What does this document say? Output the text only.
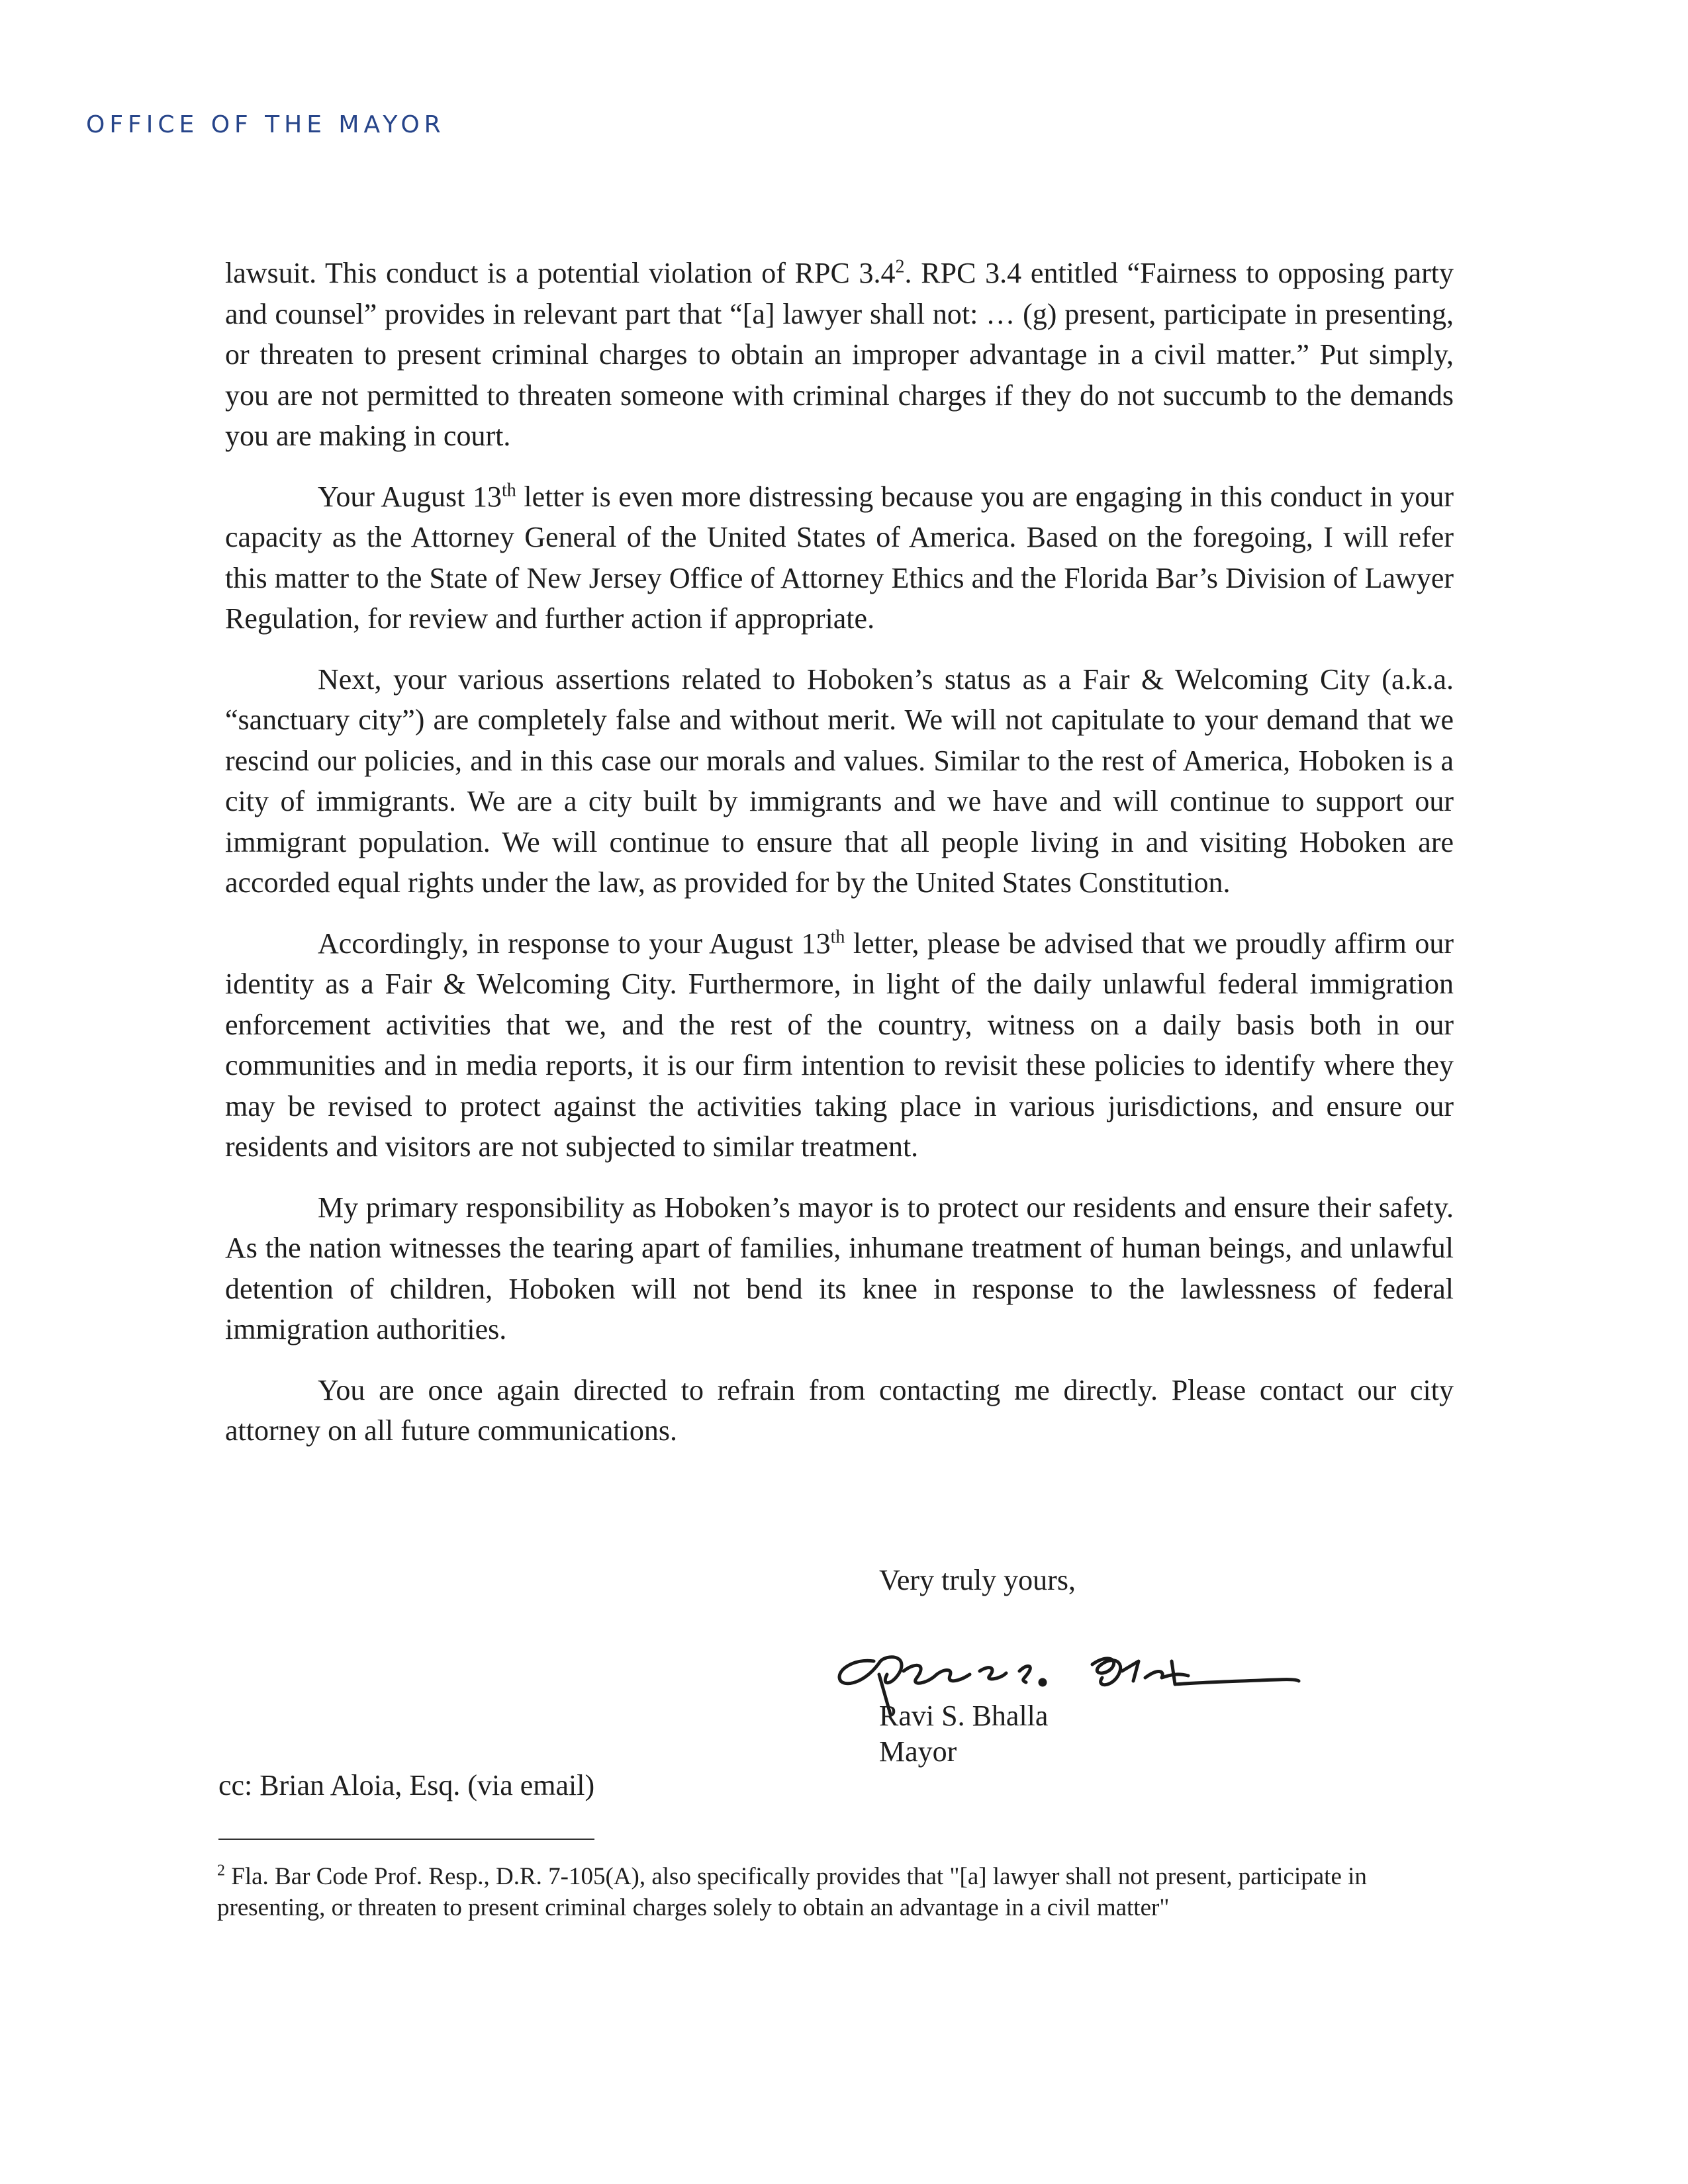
OFFICE OF THE MAYOR

lawsuit. This conduct is a potential violation of RPC $3.4^2$. RPC 3.4 entitled “Fairness to opposing party and counsel” provides in relevant part that “[a] lawyer shall not: … (g) present, participate in presenting, or threaten to present criminal charges to obtain an improper advantage in a civil matter.” Put simply, you are not permitted to threaten someone with criminal charges if they do not succumb to the demands you are making in court.

Your August 13th letter is even more distressing because you are engaging in this conduct in your capacity as the Attorney General of the United States of America. Based on the foregoing, I will refer this matter to the State of New Jersey Office of Attorney Ethics and the Florida Bar’s Division of Lawyer Regulation, for review and further action if appropriate.

Next, your various assertions related to Hoboken’s status as a Fair & Welcoming City (a.k.a. “sanctuary city”) are completely false and without merit. We will not capitulate to your demand that we rescind our policies, and in this case our morals and values. Similar to the rest of America, Hoboken is a city of immigrants. We are a city built by immigrants and we have and will continue to support our immigrant population. We will continue to ensure that all people living in and visiting Hoboken are accorded equal rights under the law, as provided for by the United States Constitution.

Accordingly, in response to your August 13th letter, please be advised that we proudly affirm our identity as a Fair & Welcoming City. Furthermore, in light of the daily unlawful federal immigration enforcement activities that we, and the rest of the country, witness on a daily basis both in our communities and in media reports, it is our firm intention to revisit these policies to identify where they may be revised to protect against the activities taking place in various jurisdictions, and ensure our residents and visitors are not subjected to similar treatment.

My primary responsibility as Hoboken’s mayor is to protect our residents and ensure their safety. As the nation witnesses the tearing apart of families, inhumane treatment of human beings, and unlawful detention of children, Hoboken will not bend its knee in response to the lawlessness of federal immigration authorities.

You are once again directed to refrain from contacting me directly. Please contact our city attorney on all future communications.

Very truly yours,
Ravi S. Bhalla
Mayor
cc: Brian Aloia, Esq. (via email)
$^2$ Fla. Bar Code Prof. Resp., D.R. 7-105(A), also specifically provides that "[a] lawyer shall not present, participate in presenting, or threaten to present criminal charges solely to obtain an advantage in a civil matter"
